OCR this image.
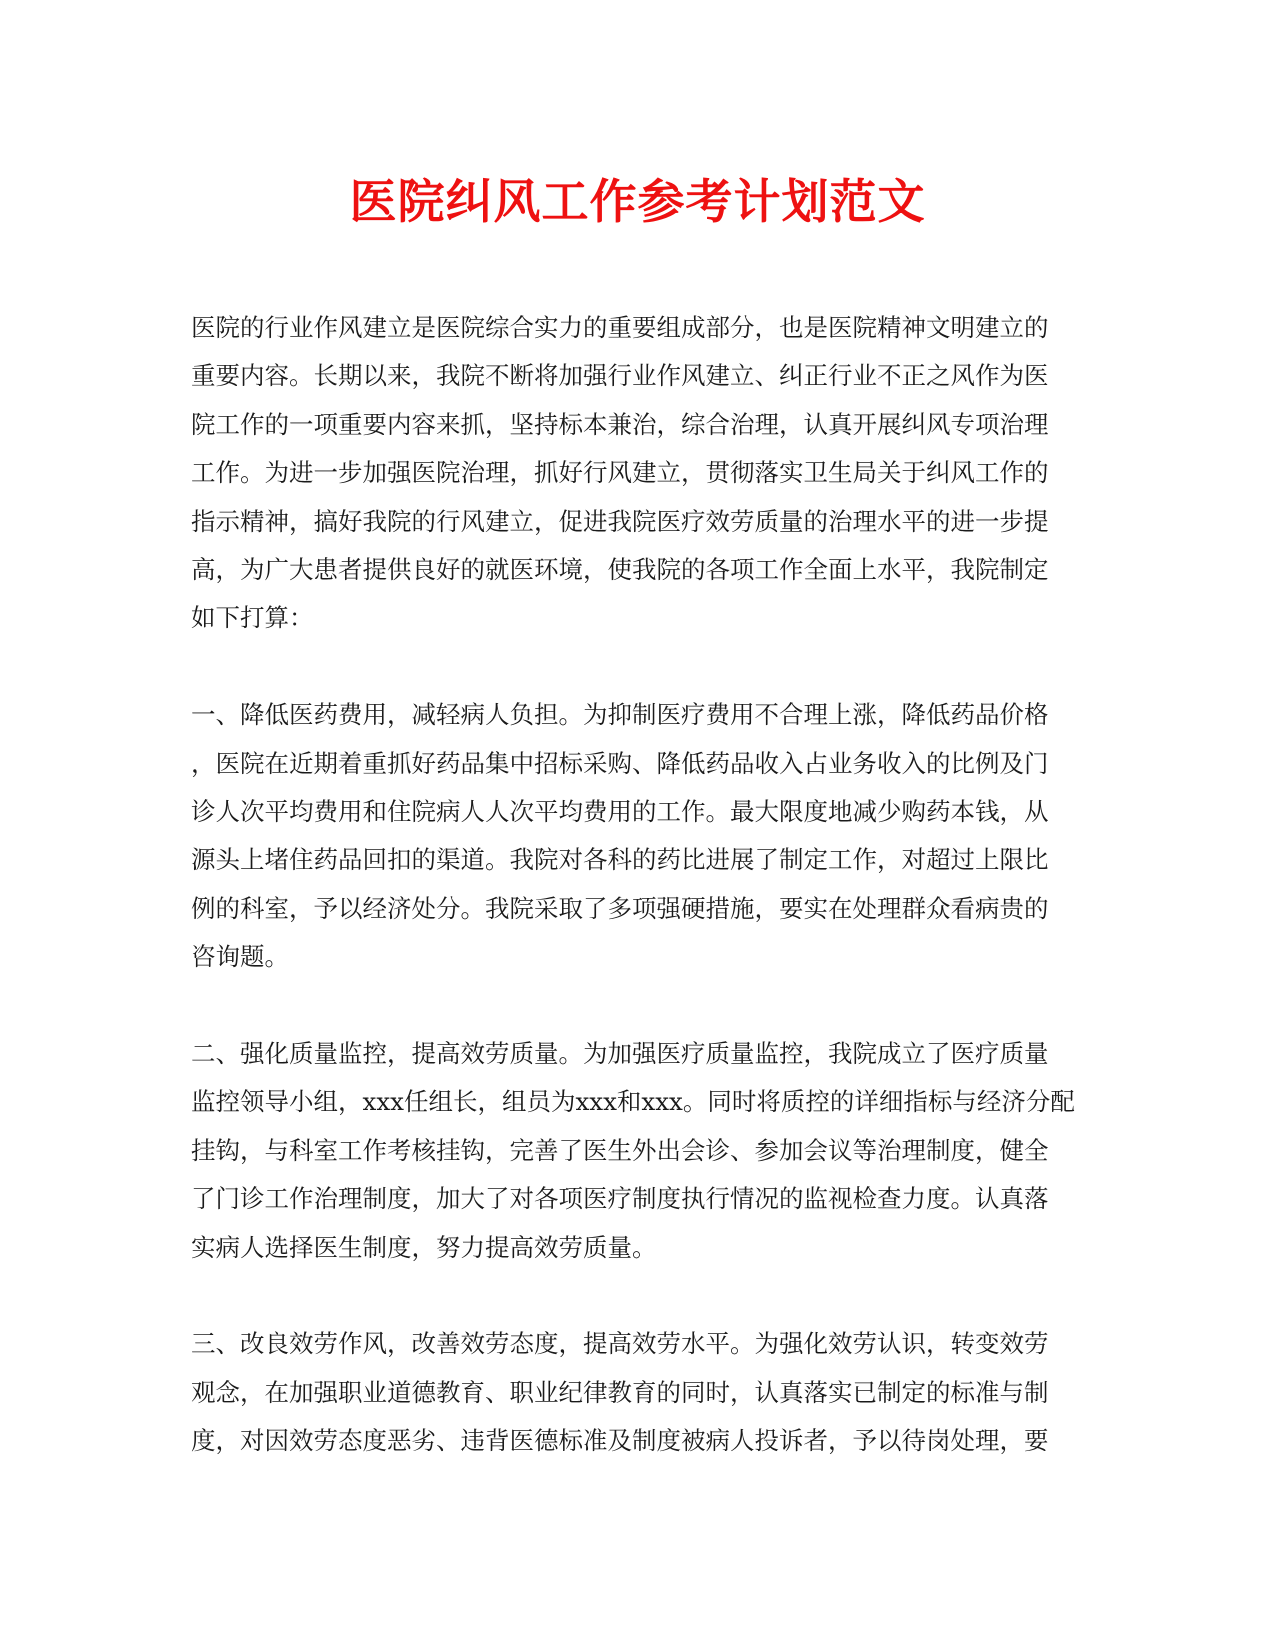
医院纠风工作参考计划范文

医院的行业作风建立是医院综合实力的重要组成部分，也是医院精神文明建立的
重要内容。长期以来，我院不断将加强行业作风建立、纠正行业不正之风作为医
院工作的一项重要内容来抓，坚持标本兼治，综合治理，认真开展纠风专项治理
工作。为进一步加强医院治理，抓好行风建立，贯彻落实卫生局关于纠风工作的
指示精神，搞好我院的行风建立，促进我院医疗效劳质量的治理水平的进一步提
高，为广大患者提供良好的就医环境，使我院的各项工作全面上水平，我院制定
如下打算：

一、降低医药费用，减轻病人负担。为抑制医疗费用不合理上涨，降低药品价格
，医院在近期着重抓好药品集中招标采购、降低药品收入占业务收入的比例及门
诊人次平均费用和住院病人人次平均费用的工作。最大限度地减少购药本钱，从
源头上堵住药品回扣的渠道。我院对各科的药比进展了制定工作，对超过上限比
例的科室，予以经济处分。我院采取了多项强硬措施，要实在处理群众看病贵的
咨询题。

二、强化质量监控，提高效劳质量。为加强医疗质量监控，我院成立了医疗质量
监控领导小组，xxx任组长，组员为xxx和xxx。同时将质控的详细指标与经济分配
挂钩，与科室工作考核挂钩，完善了医生外出会诊、参加会议等治理制度，健全
了门诊工作治理制度，加大了对各项医疗制度执行情况的监视检查力度。认真落
实病人选择医生制度，努力提高效劳质量。

三、改良效劳作风，改善效劳态度，提高效劳水平。为强化效劳认识，转变效劳
观念，在加强职业道德教育、职业纪律教育的同时，认真落实已制定的标准与制
度，对因效劳态度恶劣、违背医德标准及制度被病人投诉者，予以待岗处理，要
